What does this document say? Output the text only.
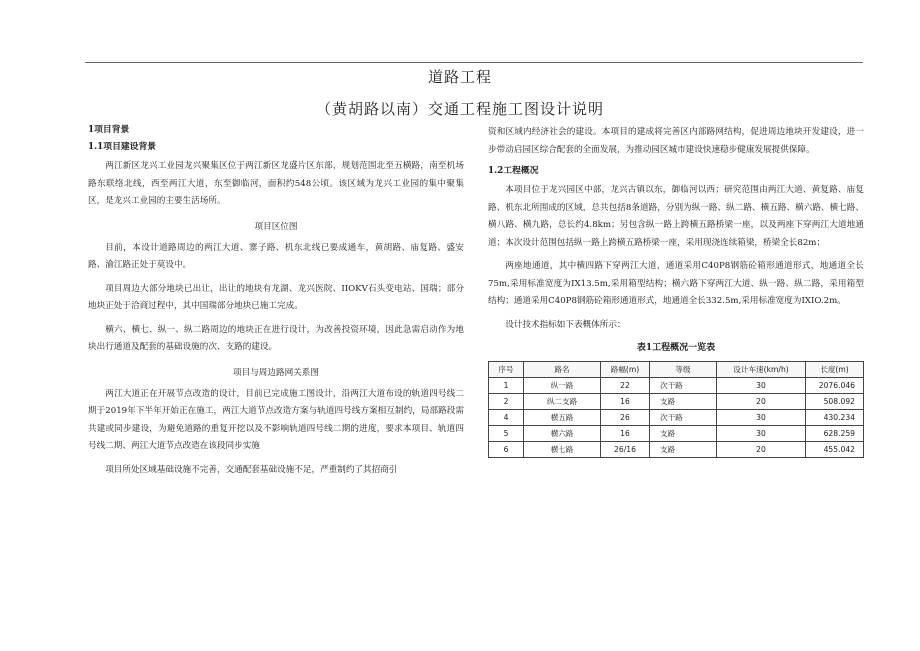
道路工程
（黄胡路以南）交通工程施工图设计说明
1项目背景
1.1项目建设背景
两江新区龙兴工业园龙兴聚集区位于两江新区龙盛片区东部，规划范围北至五横路，南至机场路东联络北线，西至两江大道，东至御临河，面积约548公顷。该区域为龙兴工业园的集中聚集区，是龙兴工业园的主要生活场所。
项目区位图
目前，本设计道路周边的两江大道、寨子路、机东北线已要成通车，黄胡路、庙复路、盛安路、渝江路正处于莫设中。
项目周边大部分地块已出让，出让的地块有龙湖、龙兴医院、IIOKV石头变电站、国瑞；部分地块正处于洽商过程中，其中国瑞部分地块已施工完成。
横六、横七、纵一、纵二路周边的地块正在进行设计，为改善投资环境，因此急需启动作为地块出行通道及配套的基础设施的次、支路的建设。
项目与周边路网关系图
两江大道正在开展节点改造的设计，目前已完成施工图设计，沿两江大道布设的轨道四号线二期于2019年下半年开始正在施工，两江大道节点改造方案与轨道四号线方案相互制约，局部路段需共建或同步建设，为避免道路的重复开挖以及不影响轨道四号线二期的进度，要求本项目、轨道四号线二期、两江大道节点改造在该段同步实施
项目所处区域基础设施不完善，交通配套基础设施不足，严重制约了其招商引
资和区域内经济社会的建设。本项目的建成将完善区内部路网结构，促进周边地块开发建设，进一步带动启园区综合配套的全面发展，为推动园区城市建设快速稳步健康发展提供保障。
1.2工程概况
本项目位于龙兴园区中部，龙兴古镇以东，御临河以西；研究范围由两江大道、黄复路、庙复路、机东北所围成的区域，总共包括8条道路，分别为纵一路、纵二路、横五路、横六路、横七路、横八路、横九路，总长约4.8km；另包含纵一路上跨横五路桥梁一座，以及两座下穿两江大道地通道；本次设计范围包括纵一路上跨横五路桥梁一座，采用现浇连续箱梁，桥梁全长82m；
两座地通道，其中横四路下穿两江大道，通道采用C40P8钢筋砼箱形通道形式，地通道全长75m,采用标准宽度为IX13.5m,采用箱型结构；横六路下穿两江大道、纵一路、纵二路，采用箱型结构；通道采用C40P8钢筋砼箱形通道形式，地通道全长332.5m,采用标准宽度为IXIO.2m。
设计技术指标如下表概体所示：
表1工程概况一览表
序号	路名	路幅(m)	等级	设计车速(km/h)	长度(m)
1	纵一路	22	次干路	30	2076.046
2	纵二支路	16	支路	20	508.092
4	横五路	26	次干路	30	430.234
5	横六路	16	支路	30	628.259
6	横七路	26/16	支路	20	455.042
